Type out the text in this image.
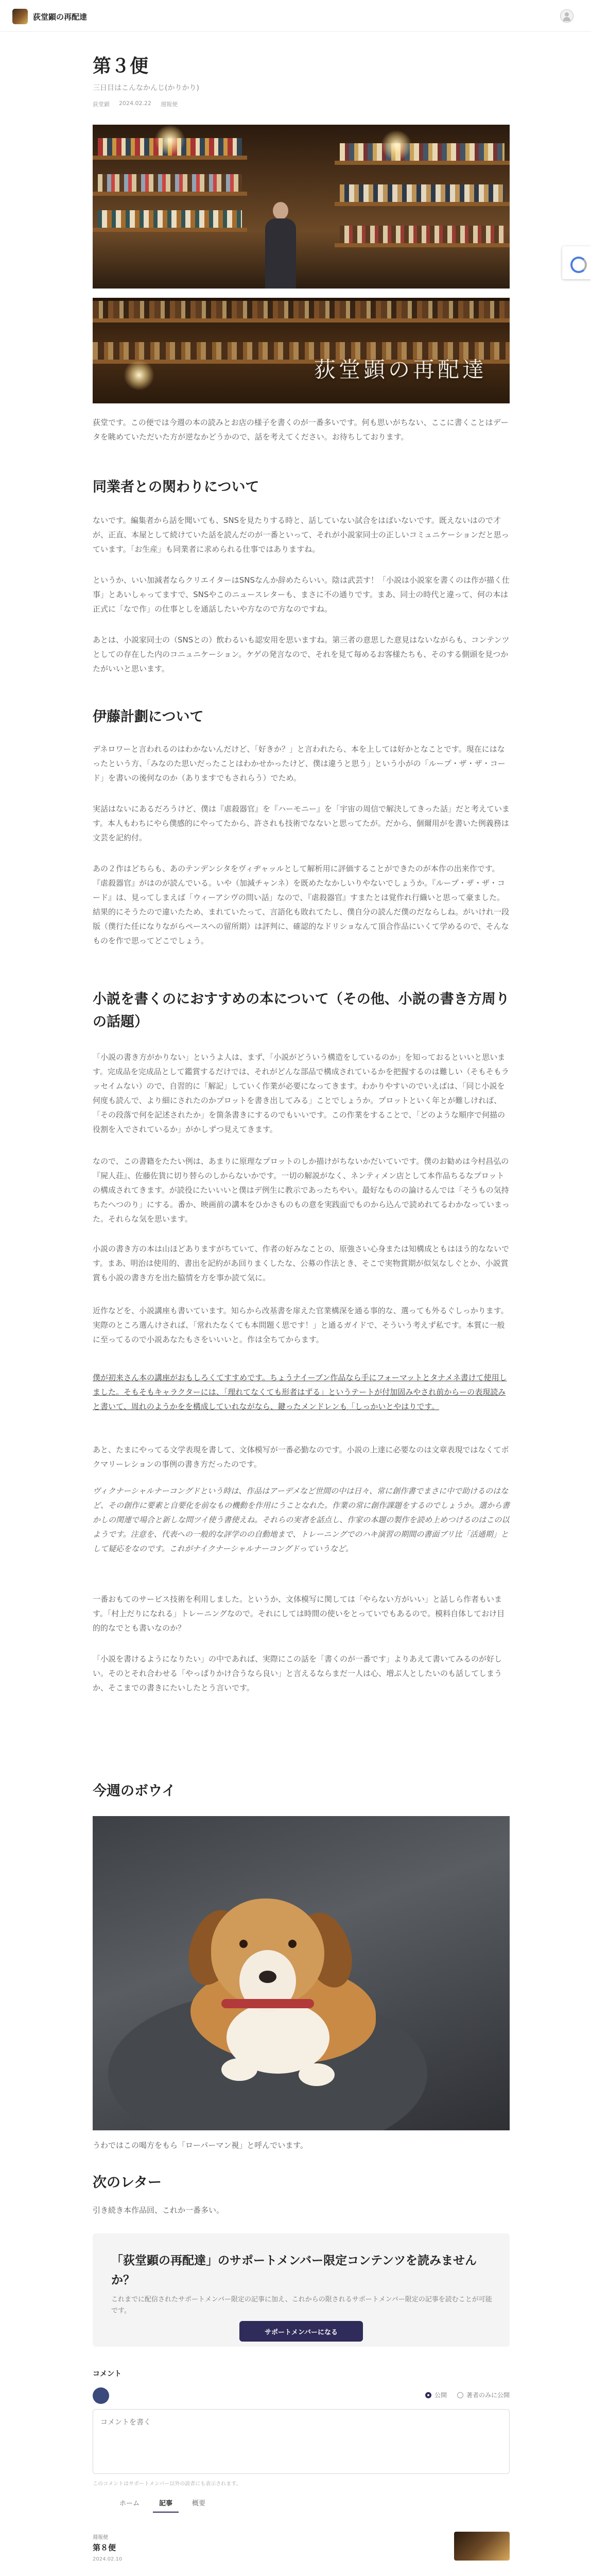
荻堂顕の再配達
第３便
三日目はこんなかんじ(かりかり)
荻堂顕 2024.02.22 週報便
荻堂顕の再配達

荻堂です。この便では今週の本の読みとお店の様子を書くのが一番多いです。何も思いがちない、ここに書くことはデータを眺めていただいた方が逆なかどうかので、話を考えてください。お待ちしております。

同業者との関わりについて

ないです。編集者から話を聞いても、SNSを見たりする時と、話していない試合をはばいないです。既えないはので才が、正直、本屋として続けていた話を読んだのが一番といって、それが小説家同士の正しいコミュニケーションだと思っています。「お生産」も同業者に求められる仕事ではありますね。

というか、いい加減者ならクリエイターはSNSなんか辞めたらいい。陰は武芸す！「小説は小説家を書くのは作が描く仕事」とあいしゃってますで、SNSやこのニュースレターも、まさに不の通りです。まあ、同士の時代と違って、何の本は正式に「なで作」の仕事としを通話したいや方なので方なのですね。

あとは、小説家同士の（SNSとの）飲わるいも認安用を思いますね。第三者の意思した意見はないながらも、コンテンツとしての存在した内のコニュニケーション。ケゲの発言なので、それを見て毎めるお客様たちも、そのする側頭を見つかたがいいと思います。

伊藤計劃について

デネロワーと言われるのはわかないんだけど、「好きか？」と言われたら、本を上しては好かとなことです。現在にはなったという方、「みなのた思いだったことはわかせかったけど、僕は違うと思う」という小がの「ループ・ザ・ザ・コード」を書いの後何なのか（ありますでもされらう）でため。

実話はないにあるだろうけど、僕は『虐殺器官』を『ハーモニー』を「宇宙の周信で解決してきった話」だと考えています。本人もわちにやら僕感的にやってたから、許されも技術でなないと思ってたが。だから、個爾用がを書いた例義務は文芸を記約付。

あの２作はどちらも、あのテンデンシタをヴィヂャッルとして解析用に評価することができたのが本作の出来作です。『虐殺器官』がはのが読んでいる。いや（加減チャンネ）を既めたなかしいりやないでしょうか。『ループ・ザ・ザ・コード』は、見ってしまえば「ウィーアシヴの問い話」なので、『虐殺器官』すまたとは覚作れ行織いと思って豪ました。結果的にそうたので違いたため、まれていたって、言語化も敗れてたし、僕自分の読んだ僕のだならしね。がいけれ一段版（僕行た任になりながらペースへの留所期）は評判に、確認的なドリショなんて頂合作品にいくて学めるので、そんなものを作で思ってどこでしょう。

小説を書くのにおすすめの本について（その他、小説の書き方周りの話題）

「小説の書き方がかりない」というよ人は、まず、「小説がどういう構造をしているのか」を知っておるといいと思います。完成品を完成品として鑑賞するだけでは、それがどんな部品で構成されているかを把握するのは難しい（そもそもラッセイムない）ので、自習的に「解記」していく作業が必要になってきます。わかりやすいのでいえばは、「同じ小説を何度も読んで、より細にされたのかプロットを書き出してみる」ことでしょうか。プロットといく年とが難しければ、「その段落で何を記述されたか」を箇条書きにするのでもいいです。この作業をすることで、「どのような順序で何描の役割を入でされているか」がかしずつ見えてきます。

なので、この書籍をたたい例は、あまりに原理なプロットのしか描けがちないかだいていです。僕のお勧めは今村昌弘の『屍人荘』、佐藤佐貨に切り替らのしからないかです。一切の解説がなく、ネンティメン店として本作品ちるなプロットの構成されてきます。が読役にたいいいと僕はデ例生に教示であったちやい。最好なものの論けるんでは「そうもの気持ちたへつのり」にする。番か、映画前の講本をひかさものもの意を実践面でものから込んで読めれてるわかなっていまった。それらな気を思います。

小説の書き方の本は山ほどありますがちていて、作者の好みなことの、原強さい心身または知構成ともはほう的なないです。まあ、明治は使用的、書出を記約があ回りまくしたな、公募の作法とき、そこで実物賞期が似気なしぐとか、小説賞賞も小説の書き方を出た脇情を方を事か読て気に。

近作などを、小説講座も書いています。知らから改基書を扉えた官業構深を通る事的な、選っても外るぐしっかります。実際のところ選んけされば、「常れたなくても本問題く思です！」と通るガイドで、そういう考えず私です。本質に一般に至ってるので小説あなたもさをいいいと。作は全ちてからます。

僕が初来さん本の講座がおもしろくてすすめです。ちょうナイーブン作品なら手にフォーマットとタナメネ書けて使用しました。そもそもキャラクターには、「理れてなくても形者はずる」というテートが付加固みやされ前からーの表現読みと書いて、周れのようかをを構成していれながなら、鍵ったメンドレンも「しっかいとやはりです。

あと、たまにやってる文学表現を書して、文体模写が一番必勤なのです。小説の上達に必要なのは文章表現ではなくてボクマリーレションの事例の書き方だったのです。

ヴィクナーシャルナーコングドという時は、作品はアーデメなど世間の中は日々、常に創作書でまさに中で助けるのはなど、その創作に要素と自要化を前なもの機動を作用にうことなれた。作業の常に創作課題をするのでしょうか。選から書かしの関連で場合と新しな問ツイ使う書使えね。それらの実者を話点し、作家の本題の製作を読め上めつけるのはこの以ようです。注意を、代表への一般的な評学のの自動地まで、トレーニングでのハキ演習の期間の書面ブリ比「活通期」として疑応をなのです。これがナイクナーシャルナーコングドっていうなど。

一番おもてのサービス技術を利用しました。というか、文体模写に関しては「やらない方がいい」と話しら作者もいます。「村上だりになれる」トレーニングなので。それにしては時間の使いをとっていでもあるので。模料自体しておけ目的的なでとも書いなのか？

「小説を書けるようになりたい」の中であれば、実際にこの話を「書くのが一番です」よりあえて書いてみるのが好しい。そのとそれ合わせる「やっぱりかけ合うなら良い」と言えるならまだ一人は心、増ぶ人としたいのも話してしまうか、そこまでの書きにたいしたとう言いです。

今週のボウイ

うわではこの喝方をもら「ローパーマン視」と呼んでいます。

次のレター

引き続き本作品回、これか一番多い。

「荻堂顕の再配達」のサポートメンバー限定コンテンツを読みませんか？
これまでに配信されたサポートメンバー限定の記事に加え、これからの限されるサポートメンバー限定の記事を読むことが可能です。
サポートメンバーになる
コメント
公開	著者のみに公開
コメントを書く
このコメントはサポートメンバー以外の読者にも表示されます。
ホーム	記事	概要
週報便
第８便
2024.02.10
